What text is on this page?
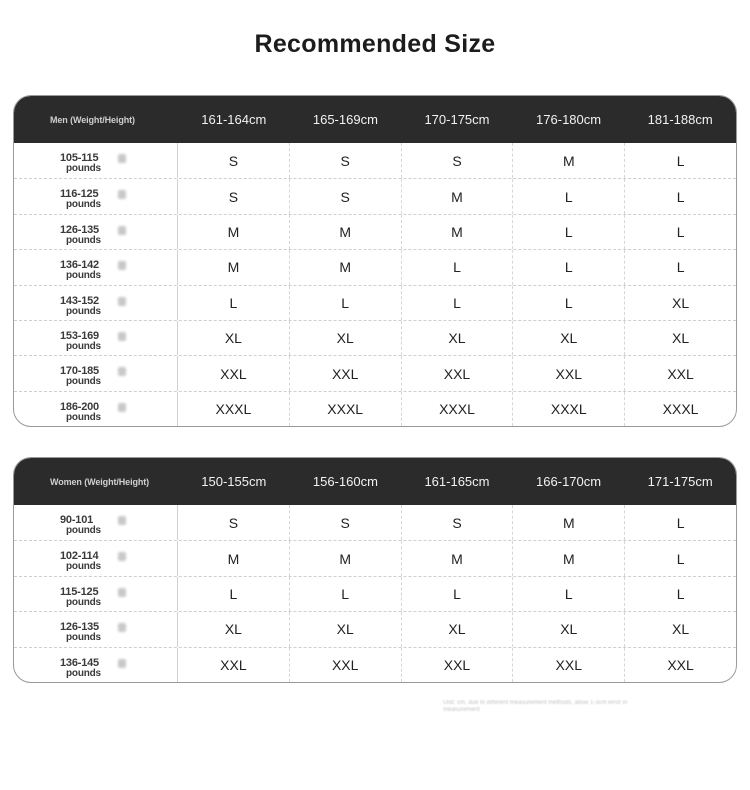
Recommended Size
Men (Weight/Height)	161-164cm	165-169cm	170-175cm	176-180cm	181-188cm
105-115
pounds	S	S	S	M	L
116-125
pounds
S	S	M	L	L
126-135
pounds
M	M	M	L	L
136-142
pounds
M	M	L	L	L
143-152
pounds
L	L	L	L	XL
153-169
pounds
XL	XL	XL	XL	XL
170-185
pounds
XXL	XXL	XXL	XXL	XXL
186-200
pounds
XXXL	XXXL	XXXL	XXXL	XXXL
Women (Weight/Height)	150-155cm	156-160cm	161-165cm	166-170cm	171-175cm
90-101
pounds	S	S	S	M	L
102-114
pounds
M	M	M	M	L
115-125
pounds
L	L	L	L	L
126-135
pounds
XL	XL	XL	XL	XL
136-145
pounds
XXL	XXL	XXL	XXL	XXL
Unit: cm, due to different measurement methods, allow 1-3cm error in measurement
